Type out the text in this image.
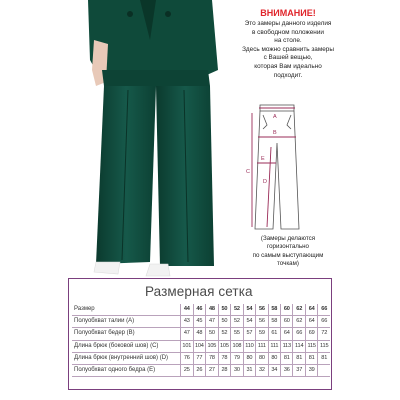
ВНИМАНИЕ!
Это замеры данного изделия
в свободном положении
на столе.
Здесь можно сравнить замеры
с Вашей вещью,
которая Вам идеально
подходит.
A
B
C
D
E
(Замеры делаются
горизонтально
по самым выступающим
точкам)
Размерная сетка
Размер	44	46	48	50	52	54	56	58	60	62	64	66
Полуобхват талии (A)	43	45	47	50	52	54	56	58	60	62	64	66
Полуобхват бедер (B)	47	48	50	52	55	57	59	61	64	66	69	72
Длина брюк (боковой шов) (C)	101	104	105	105	108	110	111	111	113	114	115	115
Длина брюк (внутренний шов) (D)	76	77	78	78	79	80	80	80	81	81	81	81
Полуобхват одного бедра (E)	25	26	27	28	30	31	32	34	36	37	39	
